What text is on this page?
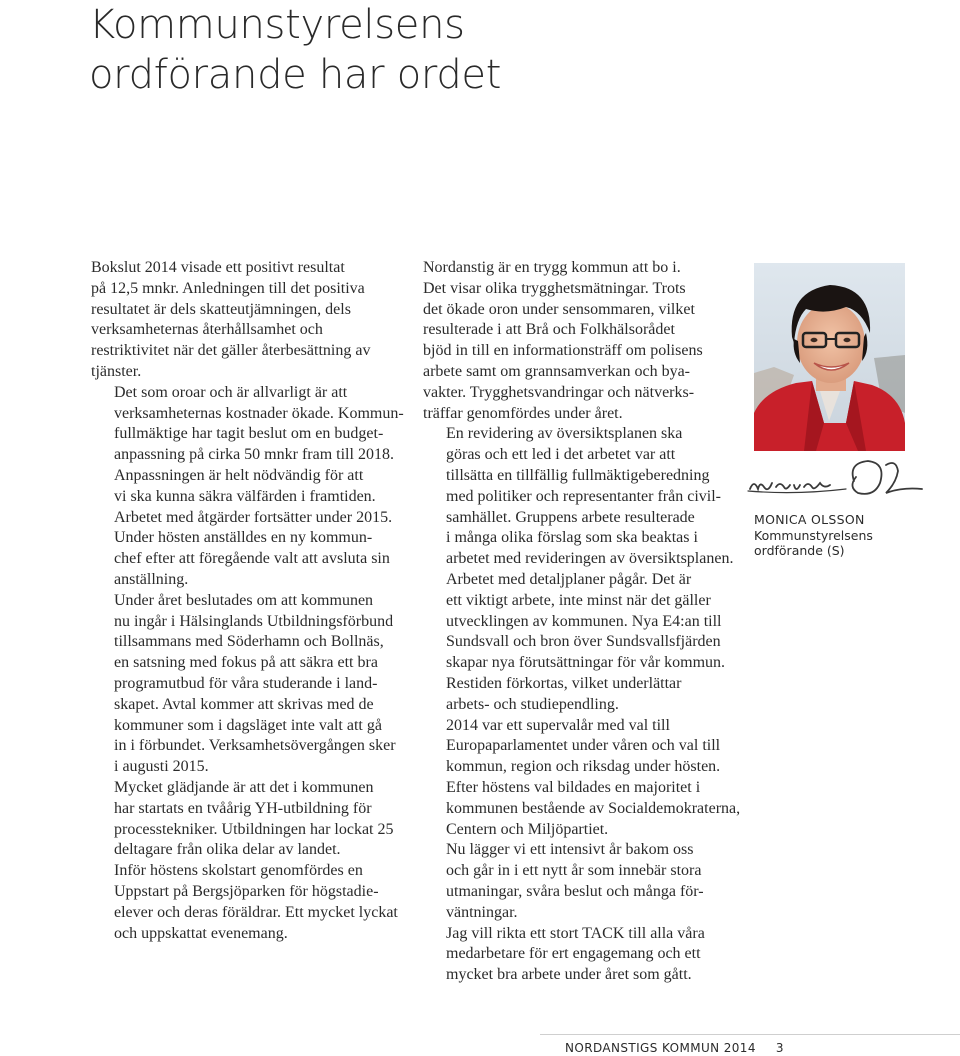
Kommunstyrelsens
ordförande har ordet

Bokslut 2014 visade ett positivt resultat
på 12,5 mnkr. Anledningen till det positiva
resultatet är dels skatteutjämningen, dels
verksamheternas återhållsamhet och
restriktivitet när det gäller återbesättning av
tjänster.

Det som oroar och är allvarligt är att
verksamheternas kostnader ökade. Kommun-
fullmäktige har tagit beslut om en budget-
anpassning på cirka 50 mnkr fram till 2018.
Anpassningen är helt nödvändig för att
vi ska kunna säkra välfärden i framtiden.
Arbetet med åtgärder fortsätter under 2015.

Under hösten anställdes en ny kommun-
chef efter att föregående valt att avsluta sin
anställning.

Under året beslutades om att kommunen
nu ingår i Hälsinglands Utbildningsförbund
tillsammans med Söderhamn och Bollnäs,
en satsning med fokus på att säkra ett bra
programutbud för våra studerande i land-
skapet. Avtal kommer att skrivas med de
kommuner som i dagsläget inte valt att gå
in i förbundet. Verksamhetsövergången sker
i augusti 2015.

Mycket glädjande är att det i kommunen
har startats en tvåårig YH-utbildning för
processtekniker. Utbildningen har lockat 25
deltagare från olika delar av landet.

Inför höstens skolstart genomfördes en
Uppstart på Bergsjöparken för högstadie-
elever och deras föräldrar. Ett mycket lyckat
och uppskattat evenemang.

Nordanstig är en trygg kommun att bo i.
Det visar olika trygghetsmätningar. Trots
det ökade oron under sensommaren, vilket
resulterade i att Brå och Folkhälsorådet
bjöd in till en informationsträff om polisens
arbete samt om grannsamverkan och bya-
vakter. Trygghetsvandringar och nätverks-
träffar genomfördes under året.

En revidering av översiktsplanen ska
göras och ett led i det arbetet var att
tillsätta en tillfällig fullmäktigeberedning
med politiker och representanter från civil-
samhället. Gruppens arbete resulterade
i många olika förslag som ska beaktas i
arbetet med revideringen av översiktsplanen.

Arbetet med detaljplaner pågår. Det är
ett viktigt arbete, inte minst när det gäller
utvecklingen av kommunen. Nya E4:an till
Sundsvall och bron över Sundsvallsfjärden
skapar nya förutsättningar för vår kommun.
Restiden förkortas, vilket underlättar
arbets- och studiependling.

2014 var ett supervalår med val till
Europaparlamentet under våren och val till
kommun, region och riksdag under hösten.

Efter höstens val bildades en majoritet i
kommunen bestående av Socialdemokraterna,
Centern och Miljöpartiet.

Nu lägger vi ett intensivt år bakom oss
och går in i ett nytt år som innebär stora
utmaningar, svåra beslut och många för-
väntningar.

Jag vill rikta ett stort TACK till alla våra
medarbetare för ert engagemang och ett
mycket bra arbete under året som gått.

MONICA OLSSON
Kommunstyrelsens
ordförande (S)
NORDANSTIGS KOMMUN 2014 3
